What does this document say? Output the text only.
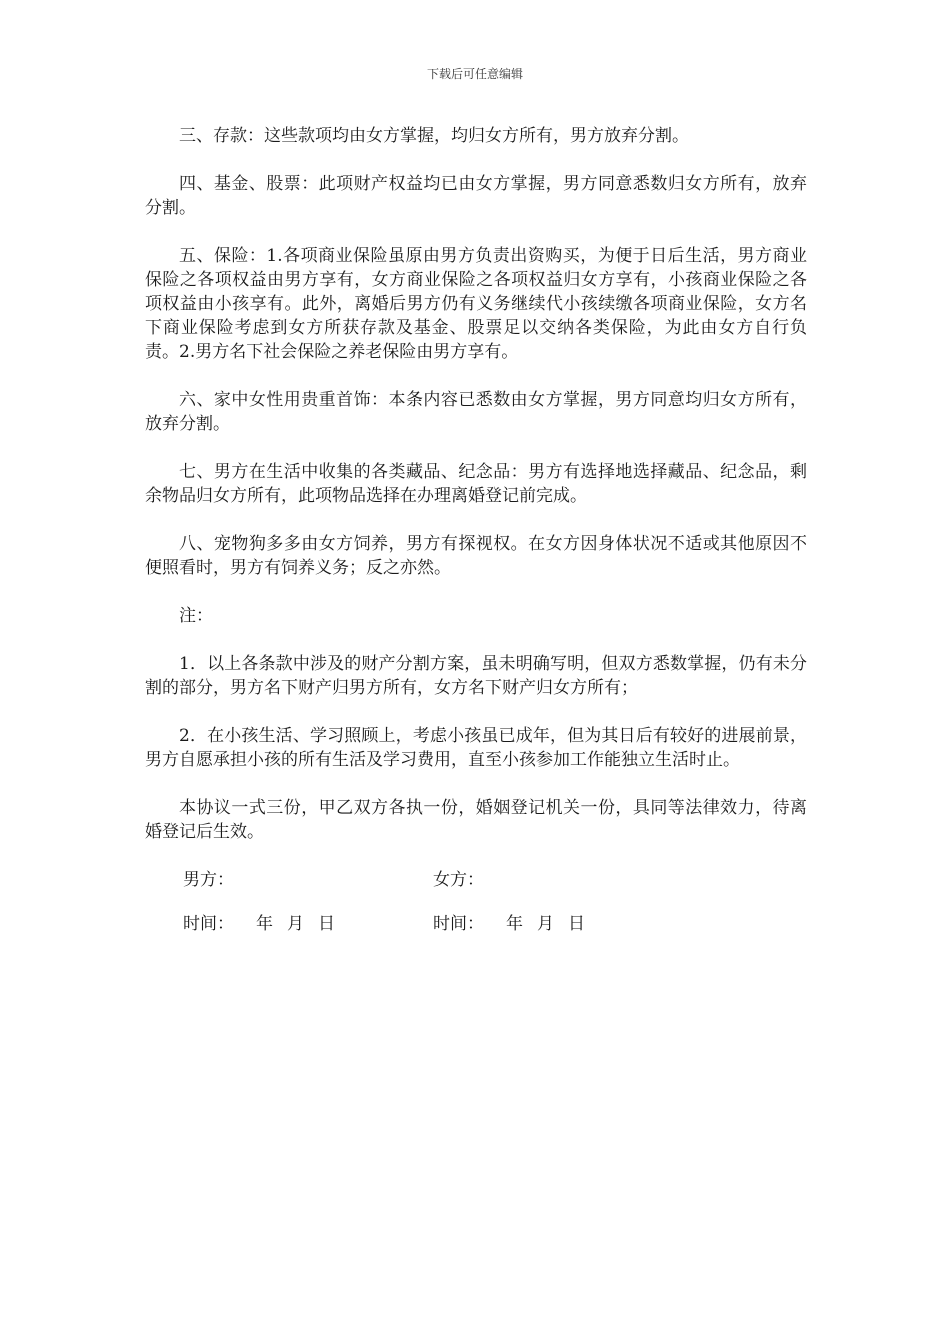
下载后可任意编辑

三、存款：这些款项均由女方掌握，均归女方所有，男方放弃分割。

四、基金、股票：此项财产权益均已由女方掌握，男方同意悉数归女方所有，放弃分割。

五、保险：1.各项商业保险虽原由男方负责出资购买，为便于日后生活，男方商业保险之各项权益由男方享有，女方商业保险之各项权益归女方享有，小孩商业保险之各项权益由小孩享有。此外，离婚后男方仍有义务继续代小孩续缴各项商业保险，女方名下商业保险考虑到女方所获存款及基金、股票足以交纳各类保险，为此由女方自行负责。2.男方名下社会保险之养老保险由男方享有。

六、家中女性用贵重首饰：本条内容已悉数由女方掌握，男方同意均归女方所有，放弃分割。

七、男方在生活中收集的各类藏品、纪念品：男方有选择地选择藏品、纪念品，剩余物品归女方所有，此项物品选择在办理离婚登记前完成。

八、宠物狗多多由女方饲养，男方有探视权。在女方因身体状况不适或其他原因不便照看时，男方有饲养义务；反之亦然。

注：

1．以上各条款中涉及的财产分割方案，虽未明确写明，但双方悉数掌握，仍有未分割的部分，男方名下财产归男方所有，女方名下财产归女方所有；

2．在小孩生活、学习照顾上，考虑小孩虽已成年，但为其日后有较好的进展前景，男方自愿承担小孩的所有生活及学习费用，直至小孩参加工作能独立生活时止。

本协议一式三份，甲乙双方各执一份，婚姻登记机关一份，具同等法律效力，待离婚登记后生效。

男方：	女方：
时间： 年 月 日	时间： 年 月 日
